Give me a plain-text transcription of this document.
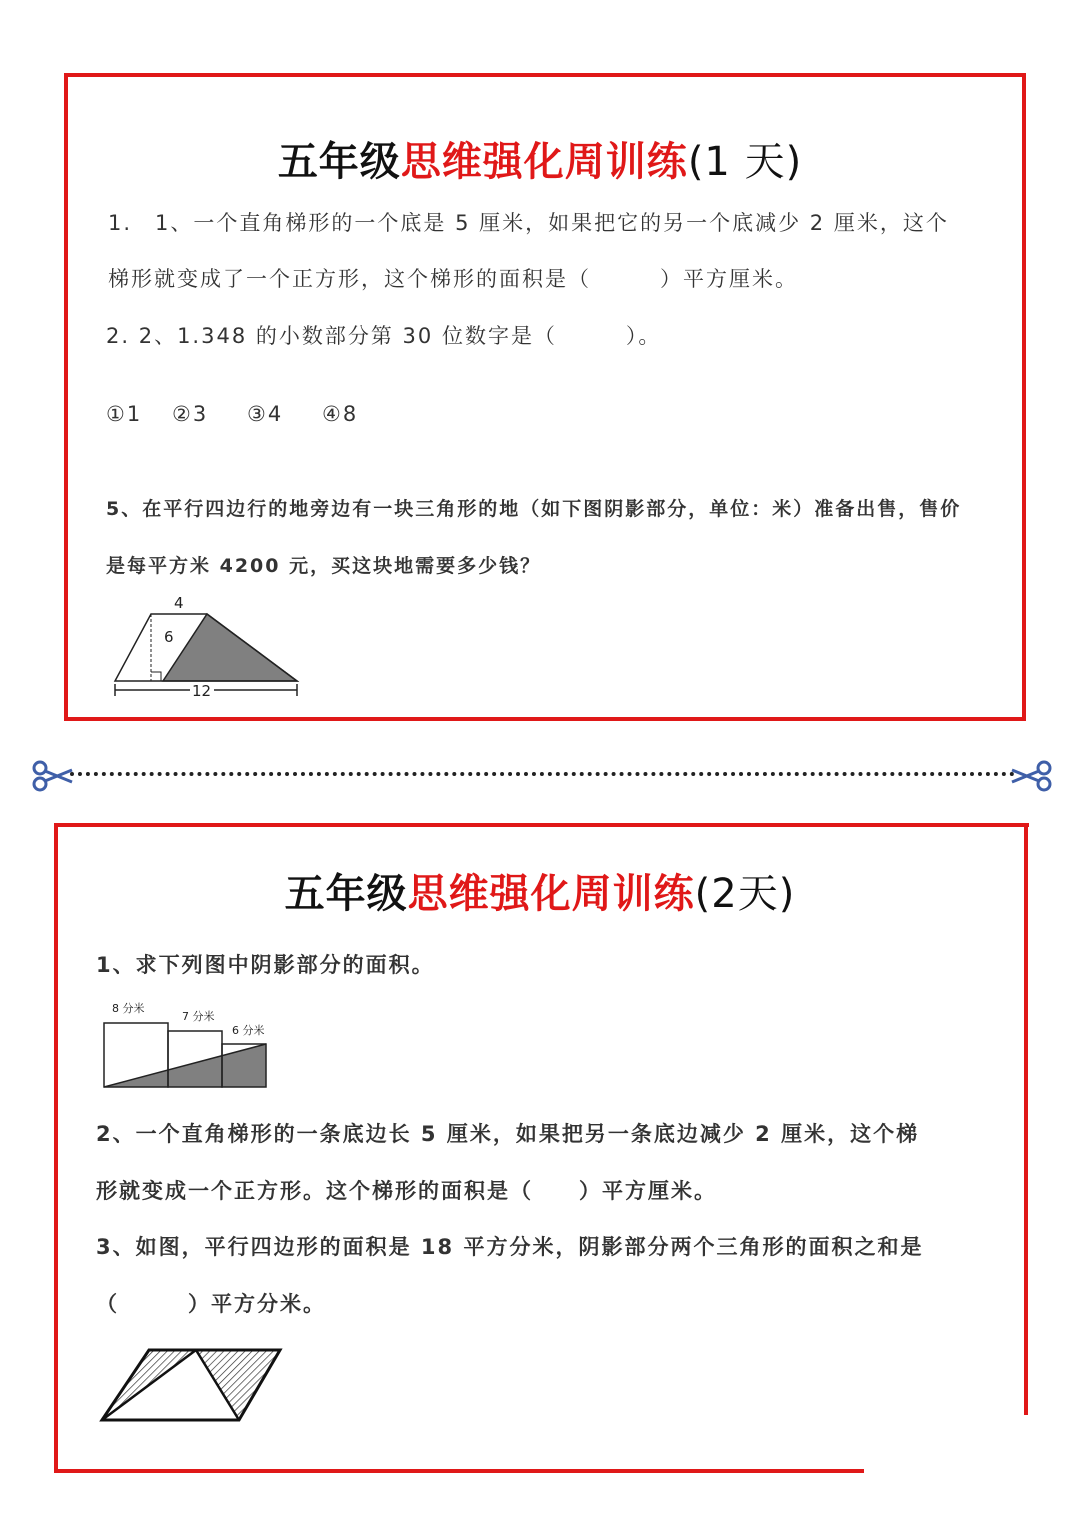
五年级思维强化周训练(1 天)
1.　1、一个直角梯形的一个底是 5 厘米，如果把它的另一个底减少 2 厘米，这个
梯形就变成了一个正方形，这个梯形的面积是（　　　）平方厘米。
2. 2、1.348 的小数部分第 30 位数字是（　　　）。
①1 ②3 ③4 ④8
5、在平行四边行的地旁边有一块三角形的地（如下图阴影部分，单位：米）准备出售，售价
是每平方米 4200 元，买这块地需要多少钱？
4
6
12
五年级思维强化周训练(2天)
1、求下列图中阴影部分的面积。
8 分米
7 分米
6 分米
2、一个直角梯形的一条底边长 5 厘米，如果把另一条底边减少 2 厘米，这个梯
形就变成一个正方形。这个梯形的面积是（　　）平方厘米。
3、如图，平行四边形的面积是 18 平方分米，阴影部分两个三角形的面积之和是
（　　　）平方分米。
